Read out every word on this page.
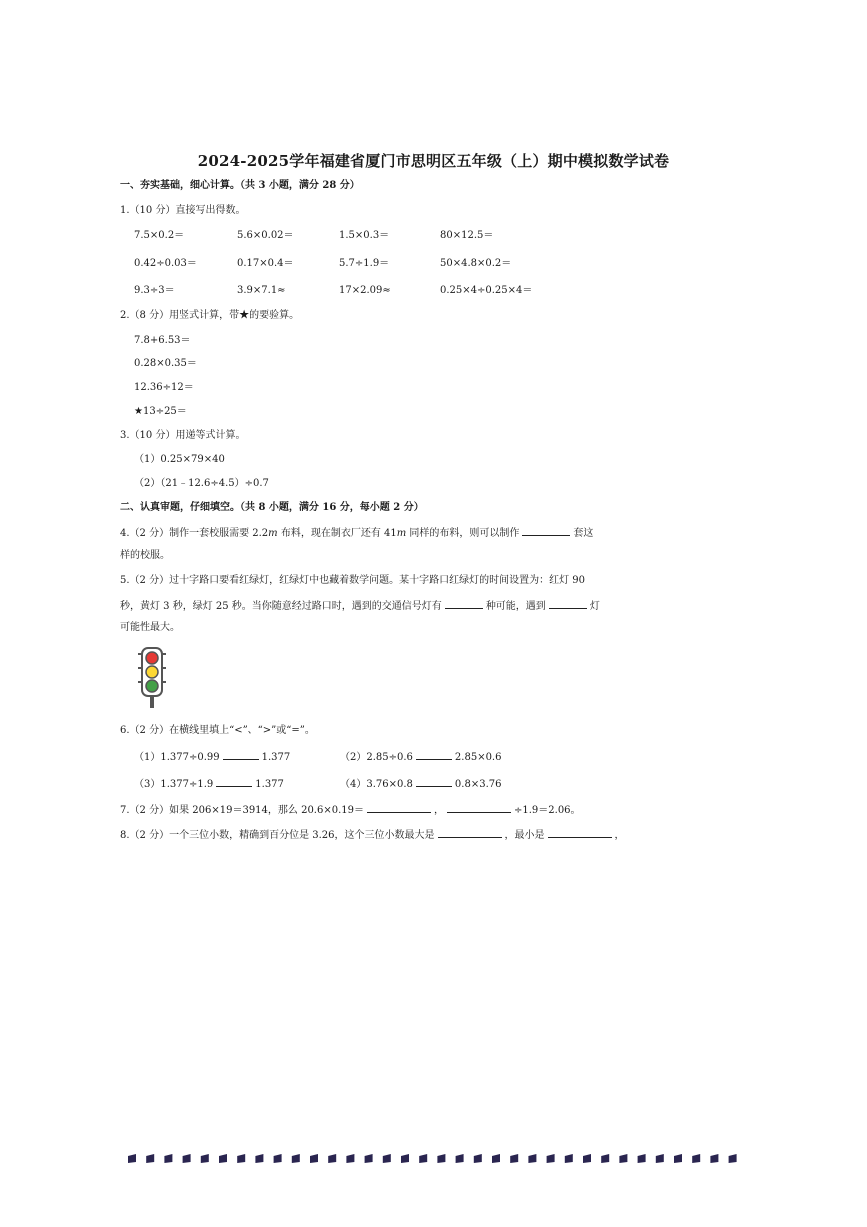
2024-2025学年福建省厦门市思明区五年级（上）期中模拟数学试卷
一、夯实基础，细心计算。（共 3 小题，满分 28 分）
1.（10 分）直接写出得数。
7.5×0.2＝	5.6×0.02＝	1.5×0.3＝	80×12.5＝
0.42÷0.03＝	0.17×0.4＝	5.7÷1.9＝	50×4.8×0.2＝
9.3÷3＝	3.9×7.1≈	17×2.09≈	0.25×4÷0.25×4＝
2.（8 分）用竖式计算，带★的要验算。
7.8+6.53＝
0.28×0.35＝
12.36÷12＝
★13÷25＝
3.（10 分）用递等式计算。
（1）0.25×79×40
（2）（21﹣12.6÷4.5）÷0.7
二、认真审题，仔细填空。（共 8 小题，满分 16 分，每小题 2 分）
4.（2 分）制作一套校服需要 2.2m 布料，现在制衣厂还有 41m 同样的布料，则可以制作	套这
样的校服。
5.（2 分）过十字路口要看红绿灯，红绿灯中也藏着数学问题。某十字路口红绿灯的时间设置为：红灯 90
秒，黄灯 3 秒，绿灯 25 秒。当你随意经过路口时，遇到的交通信号灯有	种可能，遇到	灯
可能性最大。
6.（2 分）在横线里填上“<”、“>”或“=”。
（1）1.377÷0.99	1.377	（2）2.85÷0.6	2.85×0.6
（3）1.377÷1.9	1.377	（4）3.76×0.8	0.8×3.76
7.（2 分）如果 206×19＝3914，那么 20.6×0.19＝	，	÷1.9＝2.06。
8.（2 分）一个三位小数，精确到百分位是 3.26，这个三位小数最大是	，最小是	，
